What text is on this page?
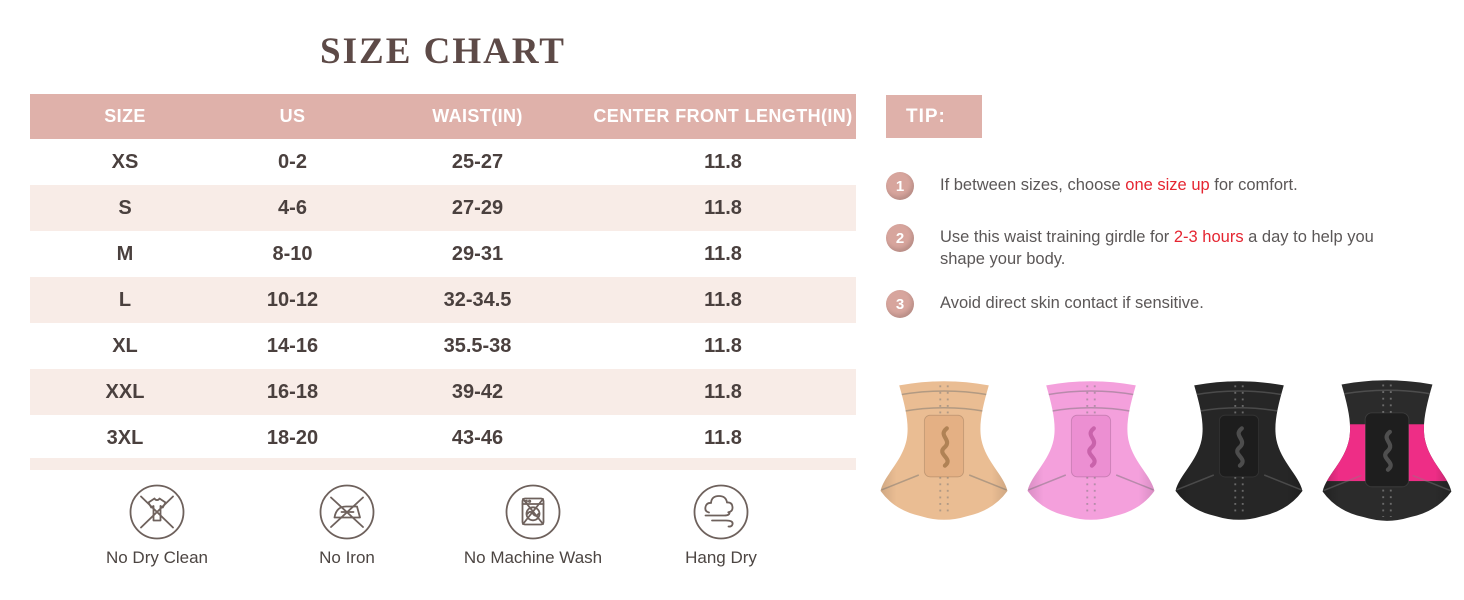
SIZE CHART
SIZE	US	WAIST(IN)	CENTER FRONT LENGTH(IN)
XS	0-2	25-27	11.8
S	4-6	27-29	11.8
M	8-10	29-31	11.8
L	10-12	32-34.5	11.8
XL	14-16	35.5-38	11.8
XXL	16-18	39-42	11.8
3XL	18-20	43-46	11.8
No Dry Clean	No Iron	No Machine Wash	Hang Dry
TIP:
1	If between sizes, choose one size up for comfort.
2	Use this waist training girdle for 2-3 hours a day to help you shape your body.
3	Avoid direct skin contact if sensitive.
